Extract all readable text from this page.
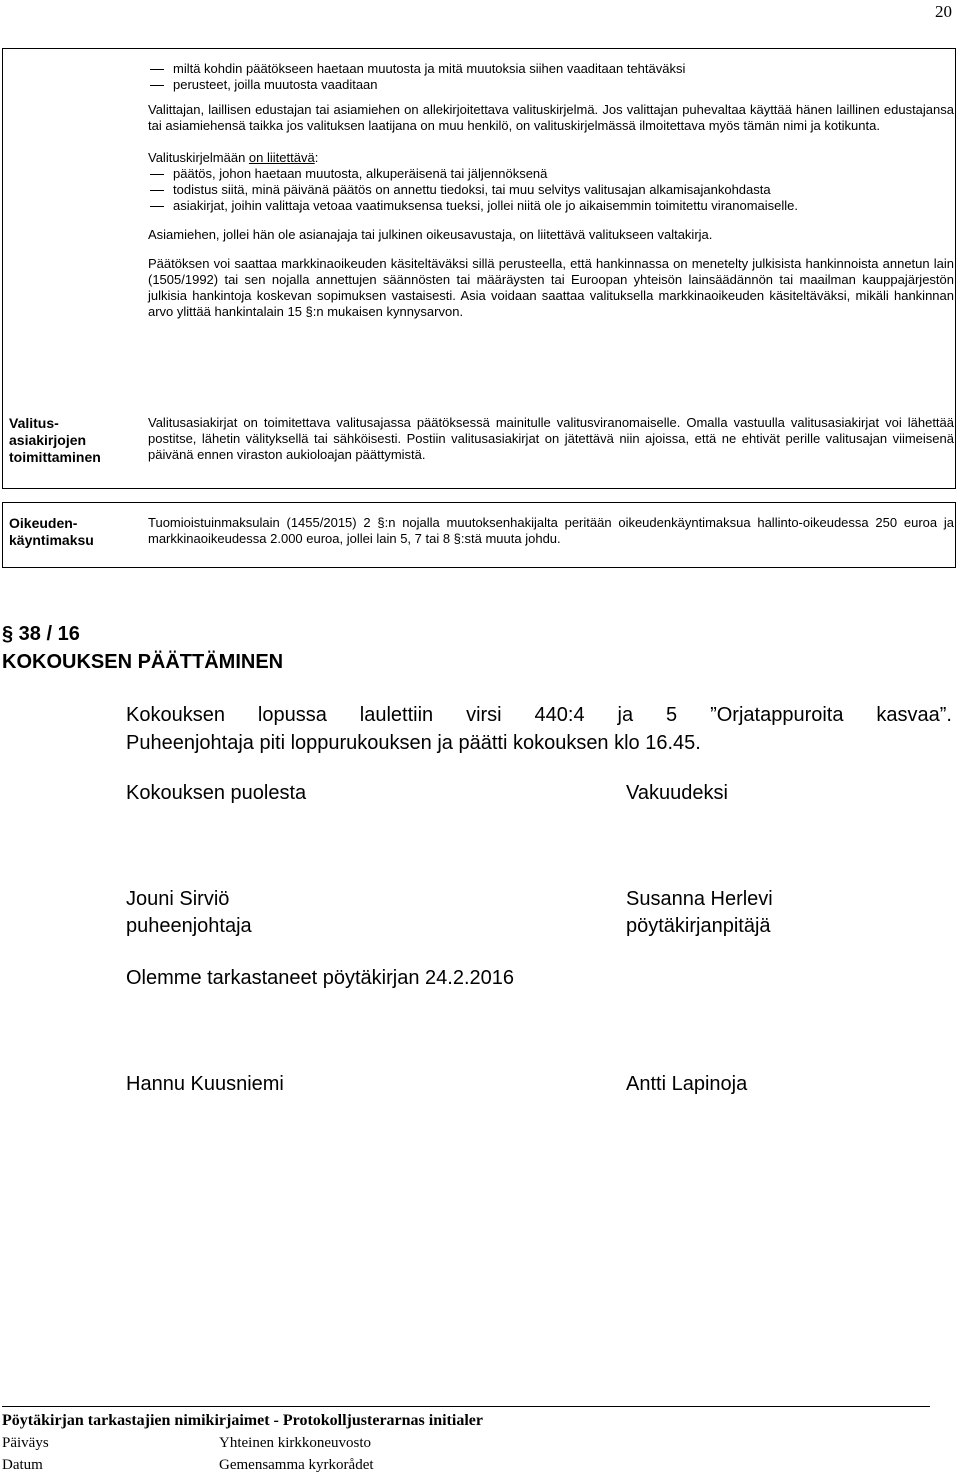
20
miltä kohdin päätökseen haetaan muutosta ja mitä muutoksia siihen vaaditaan tehtäväksi
perusteet, joilla muutosta vaaditaan

Valittajan, laillisen edustajan tai asiamiehen on allekirjoitettava valituskirjelmä. Jos valittajan puhevaltaa käyttää hänen laillinen edustajansa tai asiamiehensä taikka jos valituksen laatijana on muu henkilö, on valituskirjelmässä ilmoitettava myös tämän nimi ja kotikunta.

Valituskirjelmään on liitettävä:
päätös, johon haetaan muutosta, alkuperäisenä tai jäljennöksenä
todistus siitä, minä päivänä päätös on annettu tiedoksi, tai muu selvitys valitusajan alkamisajankohdasta
asiakirjat, joihin valittaja vetoaa vaatimuksensa tueksi, jollei niitä ole jo aikaisemmin toimitettu viranomaiselle.

Asiamiehen, jollei hän ole asianajaja tai julkinen oikeusavustaja, on liitettävä valitukseen valtakirja.

Päätöksen voi saattaa markkinaoikeuden käsiteltäväksi sillä perusteella, että hankinnassa on menetelty julkisista hankinnoista annetun lain (1505/1992) tai sen nojalla annettujen säännösten tai määräysten tai Euroopan yhteisön lainsäädännön tai maailman kauppajärjestön julkisia hankintoja koskevan sopimuksen vastaisesti. Asia voidaan saattaa valituksella markkinaoikeuden käsiteltäväksi, mikäli hankinnan arvo ylittää hankintalain 15 §:n mukaisen kynnysarvon.

Valitus-
asiakirjojen
toimittaminen

Valitusasiakirjat on toimitettava valitusajassa päätöksessä mainitulle valitusviranomaiselle. Omalla vastuulla valitusasiakirjat voi lähettää postitse, lähetin välityksellä tai sähköisesti. Postiin valitusasiakirjat on jätettävä niin ajoissa, että ne ehtivät perille valitusajan viimeisenä päivänä ennen viraston aukioloajan päättymistä.

Oikeuden-
käyntimaksu

Tuomioistuinmaksulain (1455/2015) 2 §:n nojalla muutoksenhakijalta peritään oikeudenkäyntimaksua hallinto-oikeudessa 250 euroa ja markkinaoikeudessa 2.000 euroa, jollei lain 5, 7 tai 8 §:stä muuta johdu.

§ 38 / 16
KOKOUKSEN PÄÄTTÄMINEN
Kokouksen lopussa laulettiin virsi 440:4 ja 5 ”Orjatappuroita kasvaa”.
Puheenjohtaja piti loppurukouksen ja päätti kokouksen klo 16.45.
Kokouksen puolesta	Vakuudeksi
Jouni Sirviö
puheenjohtaja
Susanna Herlevi
pöytäkirjanpitäjä
Olemme tarkastaneet pöytäkirjan 24.2.2016
Hannu Kuusniemi	Antti Lapinoja
Pöytäkirjan tarkastajien nimikirjaimet - Protokolljusterarnas initialer
Päiväys
Datum
Yhteinen kirkkoneuvosto
Gemensamma kyrkorådet
